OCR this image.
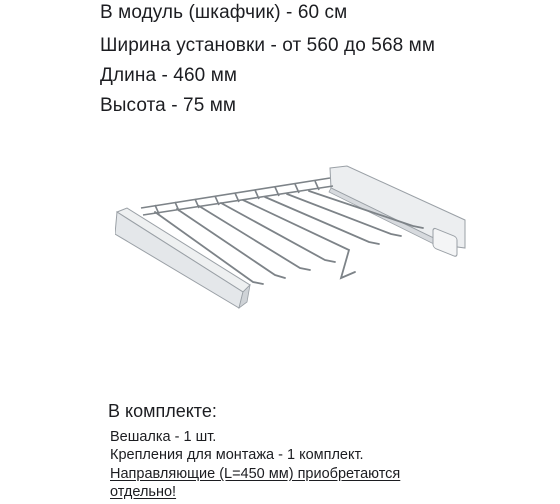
В модуль (шкафчик) - 60 см

Ширина установки - от 560 до 568 мм

Длина - 460 мм

Высота - 75 мм

В комплекте:

Вешалка - 1 шт.
Крепления для монтажа - 1 комплект.

Направляющие (L=450 мм) приобретаются отдельно!
